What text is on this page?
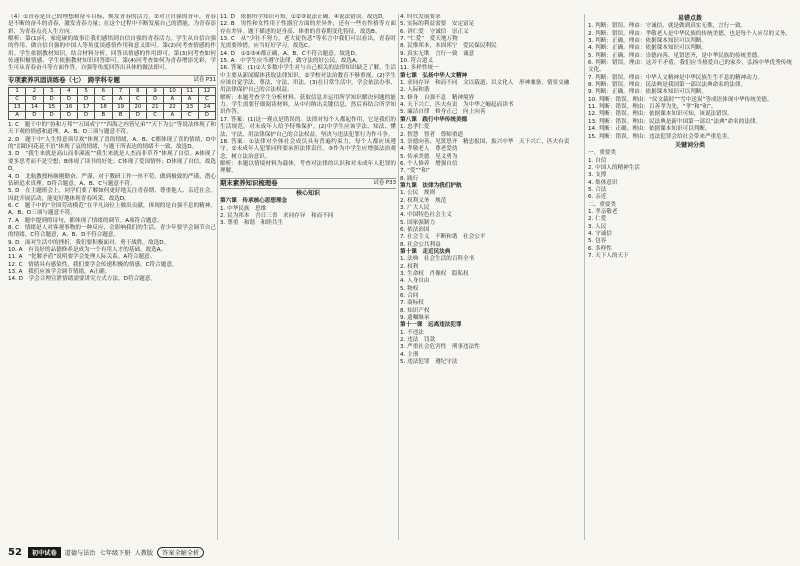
（4）①青春是自己的理想和奋斗目标，焕发青春的活力。②对立自强的青年，青春是不断的奋斗的青春，激发青春力量；在这个过程中不断发展自己的潜能，为青春添彩，为青春点亮人生方向。

解析：第(1)问，家庭碰的故事让我们感悟到自信自强的青春活力。学生从自信自强的作用、做自信自强的中国人等角度谈感悟作用和意义即可。第(2)问考查情感的作用。学生依据教材知识，结合材料分析，回答出情感的作用即可。第(3)问考查如何传递积极情感，学生依据教材知识回答即可。第(4)问考查如何为青春增添光彩，学生可从青春奋斗等方面作答，自强等角度回答出具体的做法即可。

专项素养巩固训练卷（七）　跨学科专题	试卷 P31
1	2	3	4	5	6	7	8	9	10	11	12
C	D	D	D	D	C	A	C	D	A	A	C
13	14	15	16	17	18	19	20	21	22	23	24
A	D	D	D	D	B	B	D	C	A	C	D

1. C　题干中的“协和万邦”“万国成宁”“四海之内皆兄弟”“天下为公”等说法体现了和天下观的情感和道理。A、B、D三项与题意不符。

2. D　题干中“人生得意须尽欢”体现了喜的情绪，A、B、C都体现了喜的情绪，D中的“泪眼问花花不语”体现了哀的情绪，与题干所表达的情绪不一致，故选D。

3. D　“我生来就是高山而非溪流”“我生来就是人杰而非草芥”体现了自信。A体现了要多思考而不是空想；B体现了读书的好处；C体现了爱国情怀；D体现了自信。故选D。

4. D　北航教授杨继刚勤奋、严谨，对于教研工作一丝不苟，做到极致的严谨，潜心钻研追求真理。D符合题意。A、B、C与题意不符。

5. D　在主题班会上，同学们要了解如何更好地关注青春期、尊重他人、亲近社会。因此开展活动，能更好地体现青春风采。故选D。

6. C　题干中的“全国劳动模范”在平凡岗位上做出贡献，体现的是自强不息的精神。A、B、D三项与题意不符。

7. A　题中提到的诗句，都体现了情绪的调节。A项符合题意。

8. C　情绪是人对客观事物的一种反应，会影响我们的生活。青少年要学会调节自己的情绪。C符合题意，A、B、D不符合题意。

9. D　面对生活中的挫折，我们要积极面对、勇于战胜。故选D。

10. A　有良好的品德修养是成为一个有用人才的基础。故选A。

11. A　“化解矛盾”说明要学会处理人际关系。A符合题意。

12. C　情绪具有感染性，我们要学会传递积极的情感。C符合题意。

13. A　我们应该学会调节情绪，A正确。

14. D　学会合理宣泄情绪需要讲究方式方法。D符合题意。

11. D　依据所学知识可知，①②③说法正确，④说法错误。故选D。

12. B　男性和女性用于性器官方面的差异外，还有一些在性格等方面存在差异。题干描述的是身高、体重的青春期变化特征，故选B。

13. C　从“少壮不努力，老大徒伤悲”等名言中我们可以看出，青春时光需要珍惜，应当好好学习。故选C。

14. D　①②③④都正确，A、B、C不符合题意。故选D。

15. A　中学生应当遵守法律，做守法的好公民。故选A。

16. 答案：(1)①大多数中学生对与自己相关的法律知识缺乏了解，生活中主要从新闻媒体获取法律知识。②学校对法治教育不够重视。(2)学生应该自觉学法、尊法、守法、用法。(3)在日常生活中，学会依法办事，用法律保护自己的合法权益。

解析：本题考查学生分析材料、获取信息并运用所学知识解决问题的能力。学生需要仔细阅读材料，从中归纳出关键信息，然后再结合所学知识作答。

17. 答案：(1)这一观点是错误的。法律对每个人都起作用，它是我们的生活规范，对未成年人给予特殊保护。(2)中学生应该学法、知法、懂法、守法，用法律保护自己的合法权益，坚决与违法犯罪行为作斗争。

18. 答案：①法律对全体社会成员具有普遍约束力，每个人都应该遵守。②未成年人犯罪同样要承担法律责任。③作为中学生应增强法治观念，树立法治意识。

解析：本题以情境材料为载体，考查对法律的认识和对未成年人犯罪的理解。

期末素养知识梳理卷	试卷 P33
核心知识

第六课　传承核心思想理念

1. 中华民族　思维

2. 民为邦本　吾日三省　求同存异　和而不同

3. 尊重　和谐　和睦共生

4. 时代发展要求

5. 实际的利益需要　安定富足

6. 讲仁爱　守诚信　崇正义

7. “仁爱”　爱天地万物

8. 民惟邦本，本固邦宁　爱民保民利民

9. 真实无欺　言行一致　诚意

10. 符合道义

11. 多样性统一

第七课　弘扬中华人文精神

1. 求同存异　和而不同　文以载道，以文化人　形神兼备，情景交融

2. 人际和谐

3. 修身　自强不息　精神境界

4. 天下兴亡，匹夫有责　为中华之崛起而读书

5. 廉洁自律　修身正己　向上向善

第八课　践行中华传统美德

1. 忠孝仁爱

2. 智慧　智者　尊师重道

3. 崇德向善、见贤思齐　精忠报国，振兴中华　天下兴亡，匹夫有责

4. 孝敬老人　尊老爱幼

5. 传承美德　见义勇为

6. 个人修养　增强自信

7. “爱”“和”

8. 践行

第九课　法律为我们护航

1. 公民　规则

2. 权利义务　规范

3. 广大人民

4. 中国特色社会主义

5. 国家强制力

6. 依法治国

7. 社会主义　不断和谐　社会公平

8. 社会公共利益

第十课　走近民法典

1. 法典　社会生活的百科全书

2. 权利

3. 生命权　肖像权　隐私权

4. 人身自由

5. 物权

6. 合同

7. 商标权

8. 知识产权

9. 遗嘱继承

第十一课　远离违法犯罪

1. 不违法

2. 违法　罚款

3. 严重社会危害性　刑事违法性

4. 主刑

5. 违法犯罪　遵纪守法

易错点拨

1. 判断：错误。理由：守诚信，就是做到真实无欺，言行一致。

2. 判断：错误。理由：孝敬老人是中华民族的传统美德，也是每个人应尽的义务。

3. 判断：正确。理由：依据课本知识可以判断。

4. 判断：正确。理由：依据课本知识可以判断。

5. 判断：正确。理由：崇德向善、见贤思齐，是中华民族的传统美德。

6. 判断：错误。理由：这并不矛盾，我们应当热爱自己的家乡，弘扬中华优秀传统文化。

7. 判断：错误。理由：中华人文精神是中华民族生生不息的精神动力。

8. 判断：错误。理由：民法典是我国第一部以法典命名的法律。

9. 判断：正确。理由：依据课本知识可以判断。

10. 判断：错误。理由：“仪文载时”“雪中送炭”等成语体现中华传统美德。

11. 判断：错误。理由：百善孝为先，“孝”和“和”。

12. 判断：错误。理由：依据课本知识可知，该说法错误。

13. 判断：错误。理由：民法典是新中国第一部以“法典”命名的法律。

14. 判断：正确。理由：依据课本知识可以判断。

15. 判断：错误。理由：违法犯罪会给社会带来严重危害。

关键词分类

一、重要类

1. 自信

2. 中国人的精神生活

3. 支撑

4. 集体意识

5. 合法

6. 亲近

二、重要类

1. 孝亲敬老

2. 仁爱

3. 人民

4. 守诚信

5. 包容

6. 多样性

7. 天下人的天下

52	初中试卷	道德与法治 七年级下册 人教版	答案全解全析
